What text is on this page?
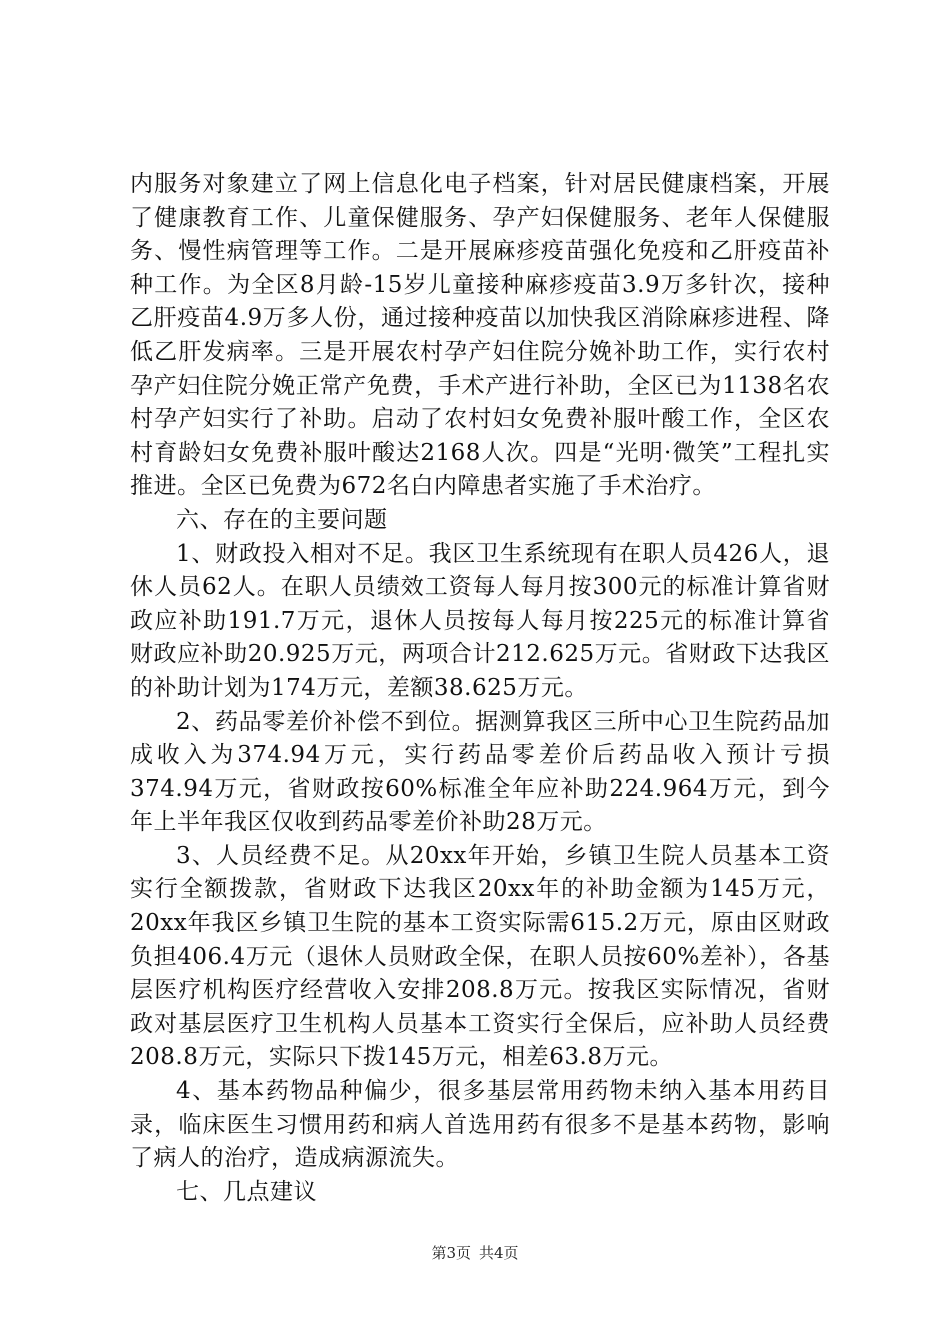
内服务对象建立了网上信息化电子档案，针对居民健康档案，开展了健康教育工作、儿童保健服务、孕产妇保健服务、老年人保健服务、慢性病管理等工作。二是开展麻疹疫苗强化免疫和乙肝疫苗补种工作。为全区8月龄-15岁儿童接种麻疹疫苗3.9万多针次，接种乙肝疫苗4.9万多人份，通过接种疫苗以加快我区消除麻疹进程、降低乙肝发病率。三是开展农村孕产妇住院分娩补助工作，实行农村孕产妇住院分娩正常产免费，手术产进行补助，全区已为1138名农村孕产妇实行了补助。启动了农村妇女免费补服叶酸工作，全区农村育龄妇女免费补服叶酸达2168人次。四是“光明·微笑”工程扎实推进。全区已免费为672名白内障患者实施了手术治疗。

六、存在的主要问题

1、财政投入相对不足。我区卫生系统现有在职人员426人，退休人员62人。在职人员绩效工资每人每月按300元的标准计算省财政应补助191.7万元，退休人员按每人每月按225元的标准计算省财政应补助20.925万元，两项合计212.625万元。省财政下达我区的补助计划为174万元，差额38.625万元。

2、药品零差价补偿不到位。据测算我区三所中心卫生院药品加成收入为374.94万元，实行药品零差价后药品收入预计亏损374.94万元，省财政按60%标准全年应补助224.964万元，到今年上半年我区仅收到药品零差价补助28万元。

3、人员经费不足。从20xx年开始，乡镇卫生院人员基本工资实行全额拨款，省财政下达我区20xx年的补助金额为145万元，20xx年我区乡镇卫生院的基本工资实际需615.2万元，原由区财政负担406.4万元（退休人员财政全保，在职人员按60%差补），各基层医疗机构医疗经营收入安排208.8万元。按我区实际情况，省财政对基层医疗卫生机构人员基本工资实行全保后，应补助人员经费208.8万元，实际只下拨145万元，相差63.8万元。

4、基本药物品种偏少，很多基层常用药物未纳入基本用药目录，临床医生习惯用药和病人首选用药有很多不是基本药物，影响了病人的治疗，造成病源流失。

七、几点建议

第3页 共4页
